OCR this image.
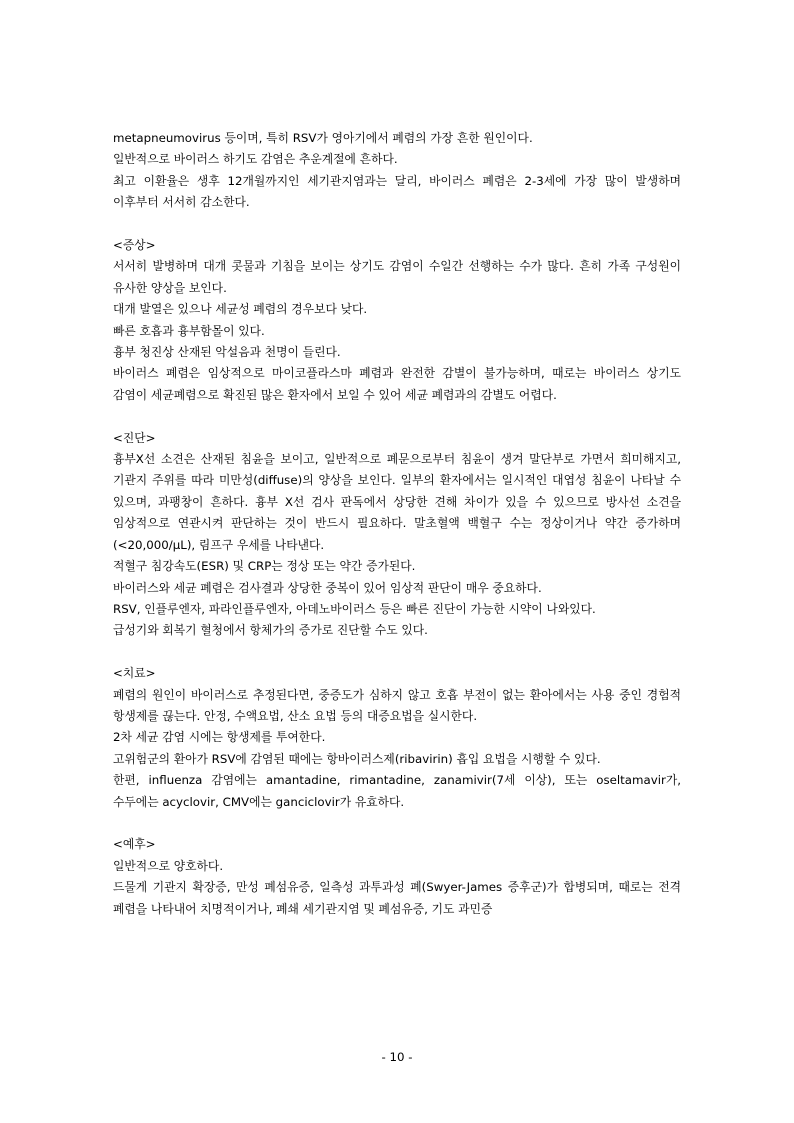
metapneumovirus 등이며, 특히 RSV가 영아기에서 폐렴의 가장 흔한 원인이다.

일반적으로 바이러스 하기도 감염은 추운계절에 흔하다.

최고 이환율은 생후 12개월까지인 세기관지염과는 달리, 바이러스 폐렴은 2-3세에 가장 많이 발생하며 이후부터 서서히 감소한다.

<증상>

서서히 발병하며 대개 콧물과 기침을 보이는 상기도 감염이 수일간 선행하는 수가 많다. 흔히 가족 구성원이 유사한 양상을 보인다.

대개 발열은 있으나 세균성 폐렴의 경우보다 낮다.

빠른 호흡과 흉부함몰이 있다.

흉부 청진상 산재된 악설음과 천명이 들린다.

바이러스 폐렴은 임상적으로 마이코플라스마 폐렴과 완전한 감별이 불가능하며, 때로는 바이러스 상기도 감염이 세균폐렴으로 확진된 많은 환자에서 보일 수 있어 세균 폐렴과의 감별도 어렵다.

<진단>

흉부X선 소견은 산재된 침윤을 보이고, 일반적으로 폐문으로부터 침윤이 생겨 말단부로 가면서 희미해지고, 기관지 주위를 따라 미만성(diffuse)의 양상을 보인다. 일부의 환자에서는 일시적인 대엽성 침윤이 나타날 수 있으며, 과팽창이 흔하다. 흉부 X선 검사 판독에서 상당한 견해 차이가 있을 수 있으므로 방사선 소견을 임상적으로 연관시켜 판단하는 것이 반드시 필요하다. 말초혈액 백혈구 수는 정상이거나 약간 증가하며 (<20,000/μL), 림프구 우세를 나타낸다.

적혈구 침강속도(ESR) 및 CRP는 정상 또는 약간 증가된다.

바이러스와 세균 폐렴은 검사결과 상당한 중복이 있어 임상적 판단이 매우 중요하다.

RSV, 인플루엔자, 파라인플루엔자, 아데노바이러스 등은 빠른 진단이 가능한 시약이 나와있다.

급성기와 회복기 혈청에서 항체가의 증가로 진단할 수도 있다.

<치료>

폐렴의 원인이 바이러스로 추정된다면, 중증도가 심하지 않고 호흡 부전이 없는 환아에서는 사용 중인 경험적 항생제를 끊는다. 안정, 수액요법, 산소 요법 등의 대증요법을 실시한다.

2차 세균 감염 시에는 항생제를 투여한다.

고위험군의 환아가 RSV에 감염된 때에는 항바이러스제(ribavirin) 흡입 요법을 시행할 수 있다.

한편, influenza 감염에는 amantadine, rimantadine, zanamivir(7세 이상), 또는 oseltamavir가, 수두에는 acyclovir, CMV에는 ganciclovir가 유효하다.

<예후>

일반적으로 양호하다.

드물게 기관지 확장증, 만성 폐섬유증, 일측성 과투과성 폐(Swyer-James 증후군)가 합병되며, 때로는 전격 폐렴을 나타내어 치명적이거나, 폐쇄 세기관지염 및 폐섬유증, 기도 과민증

- 10 -
